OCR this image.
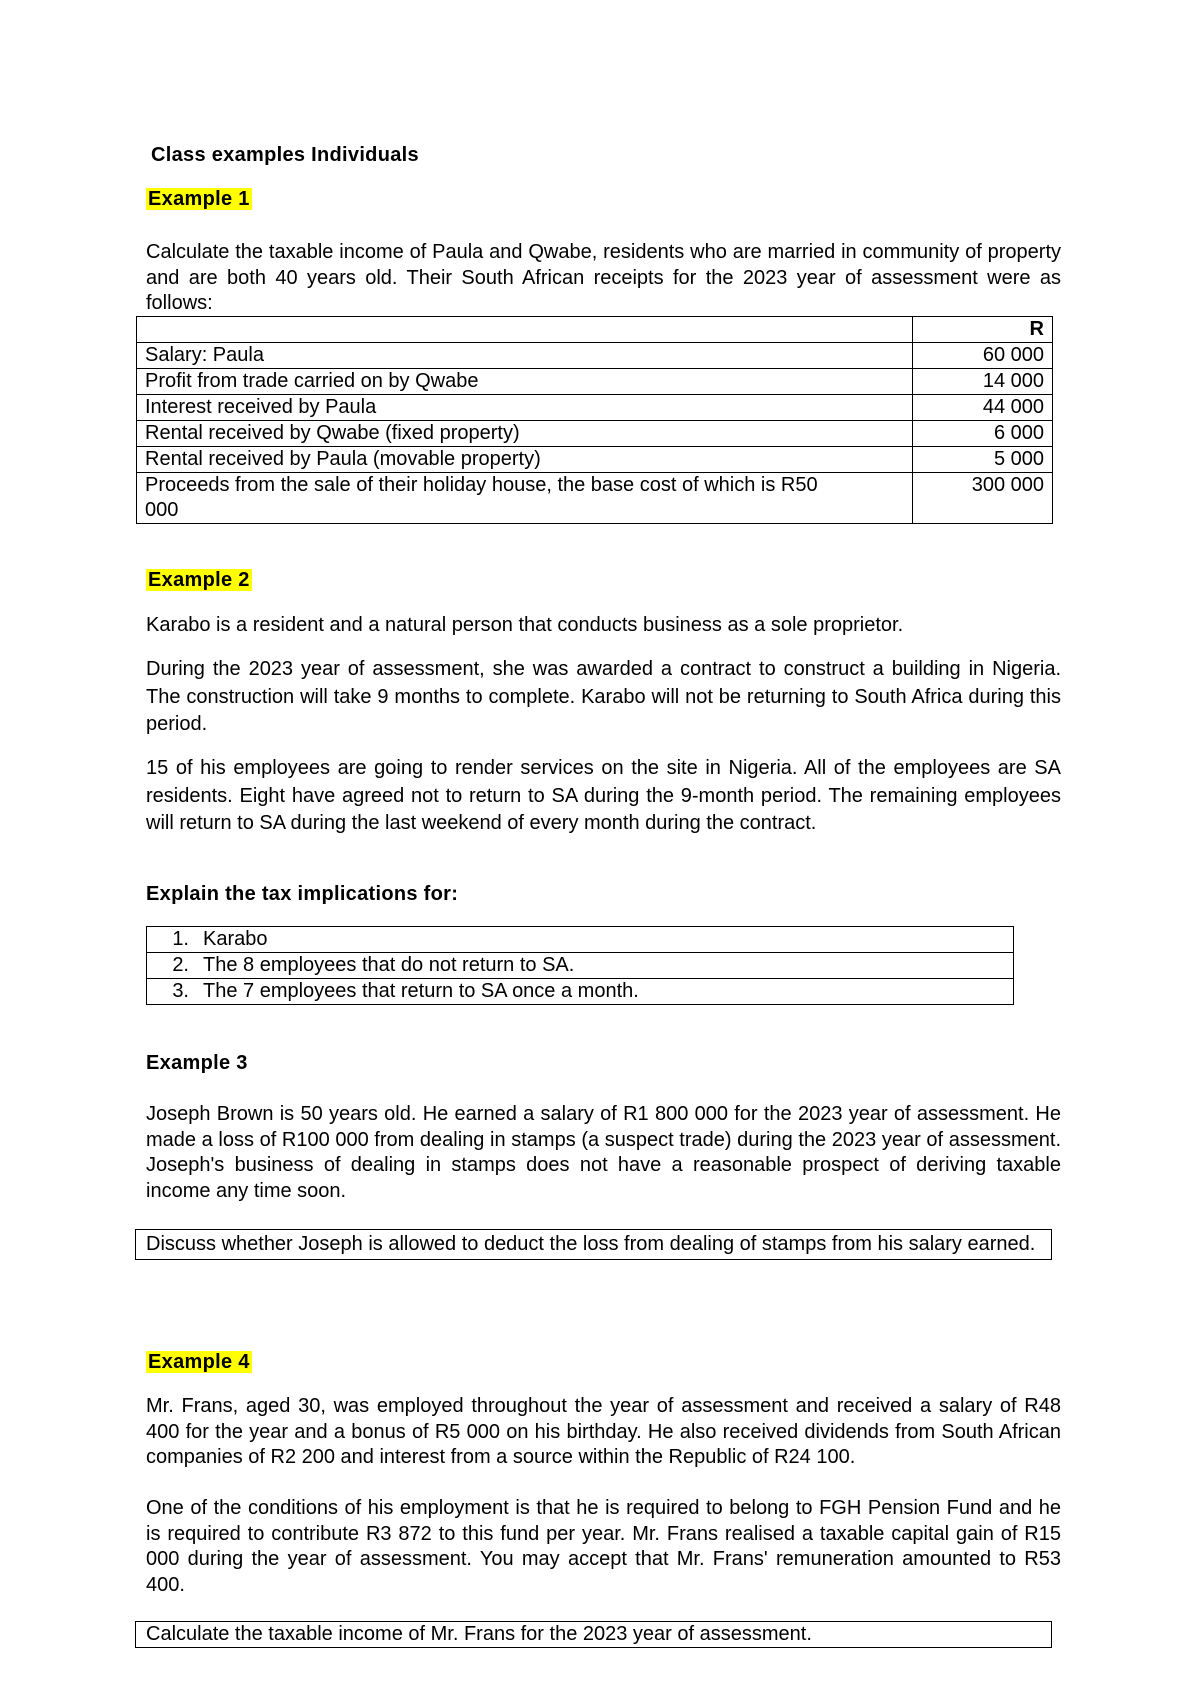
Class examples Individuals
Example 1
Calculate the taxable income of Paula and Qwabe, residents who are married in community of property and are both 40 years old. Their South African receipts for the 2023 year of assessment were as follows:
	R
Salary: Paula	60 000
Profit from trade carried on by Qwabe	14 000
Interest received by Paula	44 000
Rental received by Qwabe (fixed property)	6 000
Rental received by Paula (movable property)	5 000
Proceeds from the sale of their holiday house, the base cost of which is R50 000	300 000
Example 2
Karabo is a resident and a natural person that conducts business as a sole proprietor.
During the 2023 year of assessment, she was awarded a contract to construct a building in Nigeria. The construction will take 9 months to complete. Karabo will not be returning to South Africa during this period.
15 of his employees are going to render services on the site in Nigeria. All of the employees are SA residents. Eight have agreed not to return to SA during the 9-month period. The remaining employees will return to SA during the last weekend of every month during the contract.
Explain the tax implications for:
1. Karabo
2. The 8 employees that do not return to SA.
3. The 7 employees that return to SA once a month.
Example 3
Joseph Brown is 50 years old. He earned a salary of R1 800 000 for the 2023 year of assessment. He made a loss of R100 000 from dealing in stamps (a suspect trade) during the 2023 year of assessment. Joseph's business of dealing in stamps does not have a reasonable prospect of deriving taxable income any time soon.
Discuss whether Joseph is allowed to deduct the loss from dealing of stamps from his salary earned.
Example 4
Mr. Frans, aged 30, was employed throughout the year of assessment and received a salary of R48 400 for the year and a bonus of R5 000 on his birthday. He also received dividends from South African companies of R2 200 and interest from a source within the Republic of R24 100.
One of the conditions of his employment is that he is required to belong to FGH Pension Fund and he is required to contribute R3 872 to this fund per year. Mr. Frans realised a taxable capital gain of R15 000 during the year of assessment. You may accept that Mr. Frans' remuneration amounted to R53 400.
Calculate the taxable income of Mr. Frans for the 2023 year of assessment.
